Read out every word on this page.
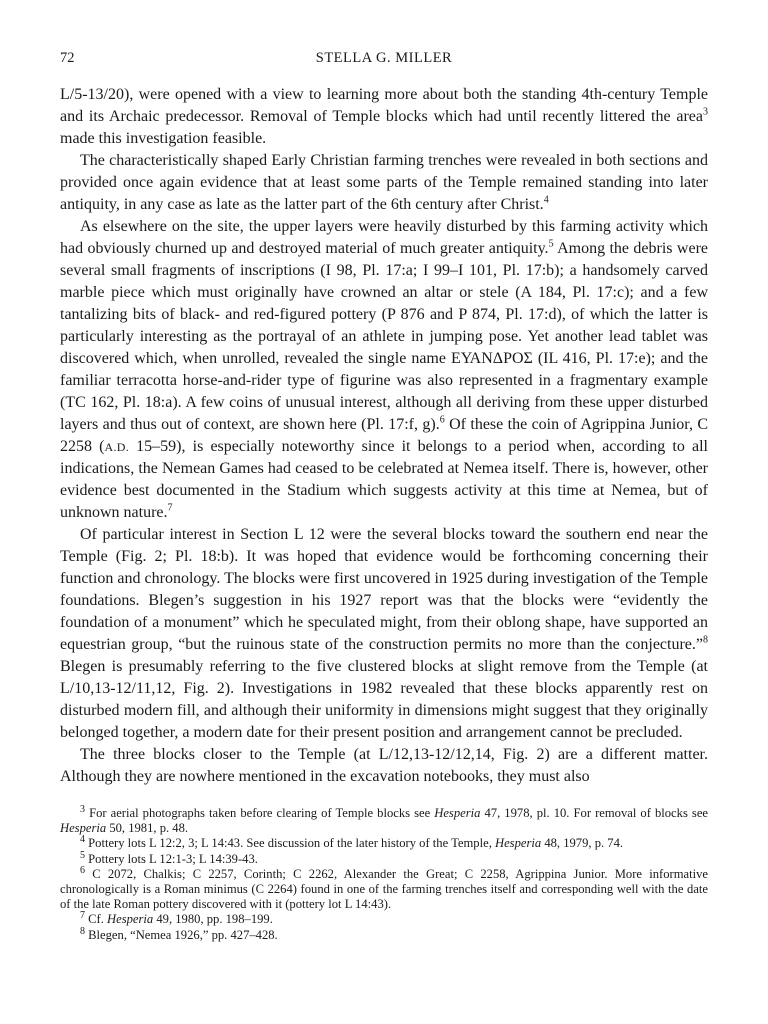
72	STELLA G. MILLER

L/5-13/20), were opened with a view to learning more about both the standing 4th-century Temple and its Archaic predecessor. Removal of Temple blocks which had until recently littered the area$^3$ made this investigation feasible.

The characteristically shaped Early Christian farming trenches were revealed in both sections and provided once again evidence that at least some parts of the Temple remained standing into later antiquity, in any case as late as the latter part of the 6th century after Christ.$^4$

As elsewhere on the site, the upper layers were heavily disturbed by this farming activity which had obviously churned up and destroyed material of much greater antiquity.$^5$ Among the debris were several small fragments of inscriptions (I 98, Pl. 17:a; I 99–I 101, Pl. 17:b); a handsomely carved marble piece which must originally have crowned an altar or stele (A 184, Pl. 17:c); and a few tantalizing bits of black- and red-figured pottery (P 876 and P 874, Pl. 17:d), of which the latter is particularly interesting as the portrayal of an athlete in jumping pose. Yet another lead tablet was discovered which, when unrolled, revealed the single name ΕΥΑΝΔΡΟΣ (IL 416, Pl. 17:e); and the familiar terracotta horse-and-rider type of figurine was also represented in a fragmentary example (TC 162, Pl. 18:a). A few coins of unusual interest, although all deriving from these upper disturbed layers and thus out of context, are shown here (Pl. 17:f, g).$^6$ Of these the coin of Agrippina Junior, C 2258 (A.D. 15–59), is especially noteworthy since it belongs to a period when, according to all indications, the Nemean Games had ceased to be celebrated at Nemea itself. There is, however, other evidence best documented in the Stadium which suggests activity at this time at Nemea, but of unknown nature.$^7$

Of particular interest in Section L 12 were the several blocks toward the southern end near the Temple (Fig. 2; Pl. 18:b). It was hoped that evidence would be forthcoming concerning their function and chronology. The blocks were first uncovered in 1925 during investigation of the Temple foundations. Blegen’s suggestion in his 1927 report was that the blocks were “evidently the foundation of a monument” which he speculated might, from their oblong shape, have supported an equestrian group, “but the ruinous state of the construction permits no more than the conjecture.”$^8$ Blegen is presumably referring to the five clustered blocks at slight remove from the Temple (at L/10,13-12/11,12, Fig. 2). Investigations in 1982 revealed that these blocks apparently rest on disturbed modern fill, and although their uniformity in dimensions might suggest that they originally belonged together, a modern date for their present position and arrangement cannot be precluded.

The three blocks closer to the Temple (at L/12,13-12/12,14, Fig. 2) are a different matter. Although they are nowhere mentioned in the excavation notebooks, they must also

$^3$ For aerial photographs taken before clearing of Temple blocks see Hesperia 47, 1978, pl. 10. For removal of blocks see Hesperia 50, 1981, p. 48.

$^4$ Pottery lots L 12:2, 3; L 14:43. See discussion of the later history of the Temple, Hesperia 48, 1979, p. 74.

$^5$ Pottery lots L 12:1-3; L 14:39-43.

$^6$ C 2072, Chalkis; C 2257, Corinth; C 2262, Alexander the Great; C 2258, Agrippina Junior. More informative chronologically is a Roman minimus (C 2264) found in one of the farming trenches itself and corresponding well with the date of the late Roman pottery discovered with it (pottery lot L 14:43).

$^7$ Cf. Hesperia 49, 1980, pp. 198–199.

$^8$ Blegen, “Nemea 1926,” pp. 427–428.
